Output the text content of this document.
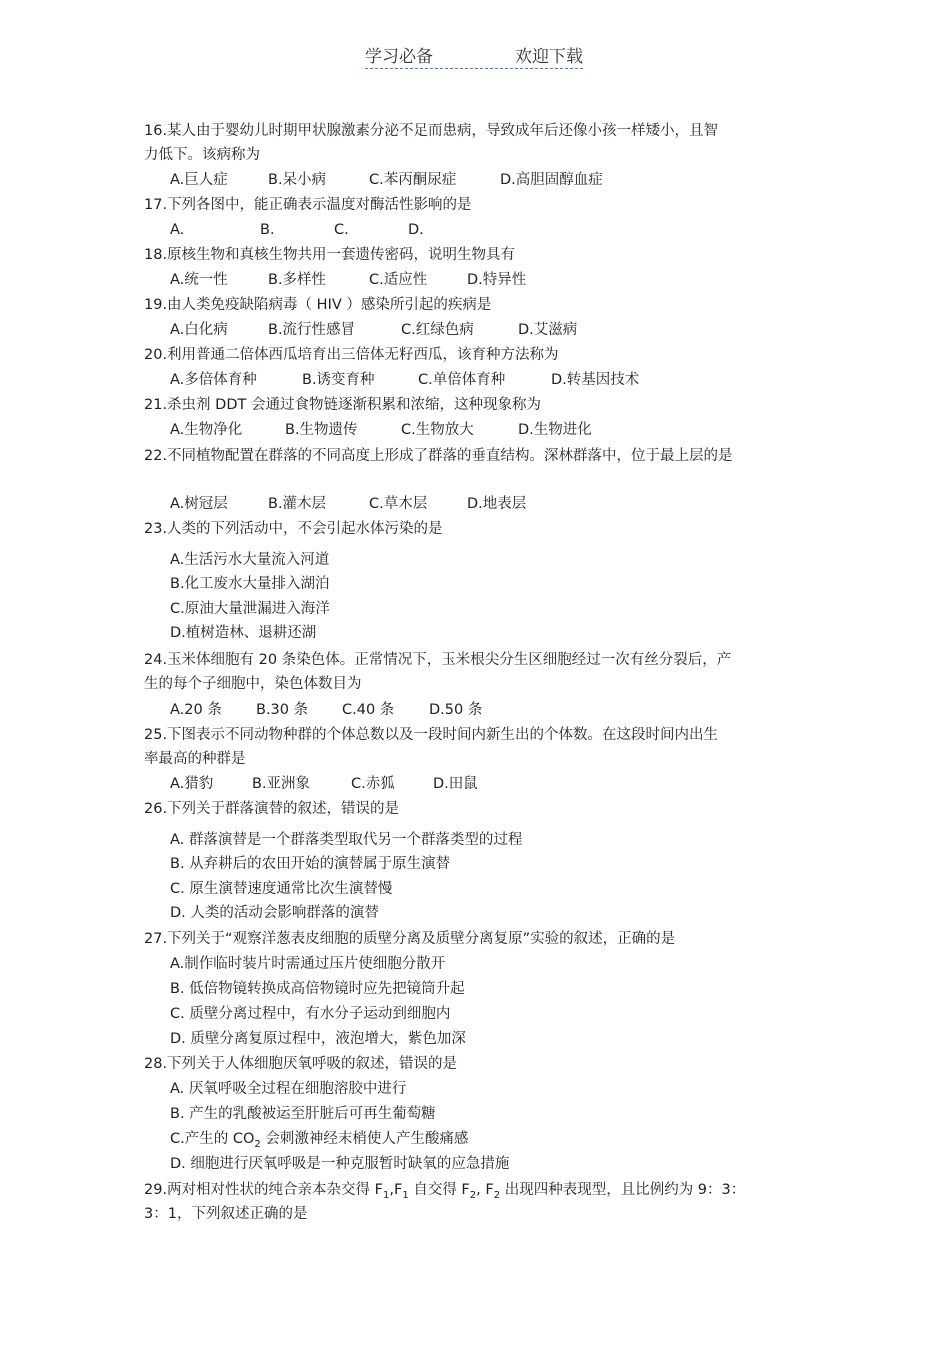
学习必备	欢迎下载
16.某人由于婴幼儿时期甲状腺激素分泌不足而患病，导致成年后还像小孩一样矮小，且智
力低下。该病称为
A.巨人症	B.呆小病	C.苯丙酮尿症	D.高胆固醇血症
17.下列各图中，能正确表示温度对酶活性影响的是
A.	B.	C.	D.
18.原核生物和真核生物共用一套遗传密码，说明生物具有
A.统一性	B.多样性	C.适应性	D.特异性
19.由人类免疫缺陷病毒（ HIV ）感染所引起的疾病是
A.白化病	B.流行性感冒	C.红绿色病	D.艾滋病
20.利用普通二倍体西瓜培育出三倍体无籽西瓜，该育种方法称为
A.多倍体育种	B.诱变育种	C.单倍体育种	D.转基因技术
21.杀虫剂 DDT 会通过食物链逐渐积累和浓缩，这种现象称为
A.生物净化	B.生物遗传	C.生物放大	D.生物进化
22.不同植物配置在群落的不同高度上形成了群落的垂直结构。深林群落中，位于最上层的是
A.树冠层	B.灌木层	C.草木层	D.地表层
23.人类的下列活动中，不会引起水体污染的是
A.生活污水大量流入河道
B.化工废水大量排入湖泊
C.原油大量泄漏进入海洋
D.植树造林、退耕还湖
24.玉米体细胞有 20 条染色体。正常情况下，玉米根尖分生区细胞经过一次有丝分裂后，产
生的每个子细胞中，染色体数目为
A.20 条 B.30 条 C.40 条 D.50 条
25.下图表示不同动物种群的个体总数以及一段时间内新生出的个体数。在这段时间内出生
率最高的种群是
A.猎豹	B.亚洲象	C.赤狐	D.田鼠
26.下列关于群落演替的叙述，错误的是
A. 群落演替是一个群落类型取代另一个群落类型的过程
B. 从弃耕后的农田开始的演替属于原生演替
C. 原生演替速度通常比次生演替慢
D. 人类的活动会影响群落的演替
27.下列关于“观察洋葱表皮细胞的质壁分离及质壁分离复原”实验的叙述，正确的是
A.制作临时装片时需通过压片使细胞分散开
B. 低倍物镜转换成高倍物镜时应先把镜筒升起
C. 质壁分离过程中，有水分子运动到细胞内
D. 质壁分离复原过程中，液泡增大，紫色加深
28.下列关于人体细胞厌氧呼吸的叙述，错误的是
A. 厌氧呼吸全过程在细胞溶胶中进行
B. 产生的乳酸被运至肝脏后可再生葡萄糖
C.产生的 $CO_2$ 会刺激神经末梢使人产生酸痛感
D. 细胞进行厌氧呼吸是一种克服暂时缺氧的应急措施
29.两对相对性状的纯合亲本杂交得 $F_1,F_1$ 自交得 $F_2$, $F_2$ 出现四种表现型，且比例约为 9：3：
3：1，下列叙述正确的是
